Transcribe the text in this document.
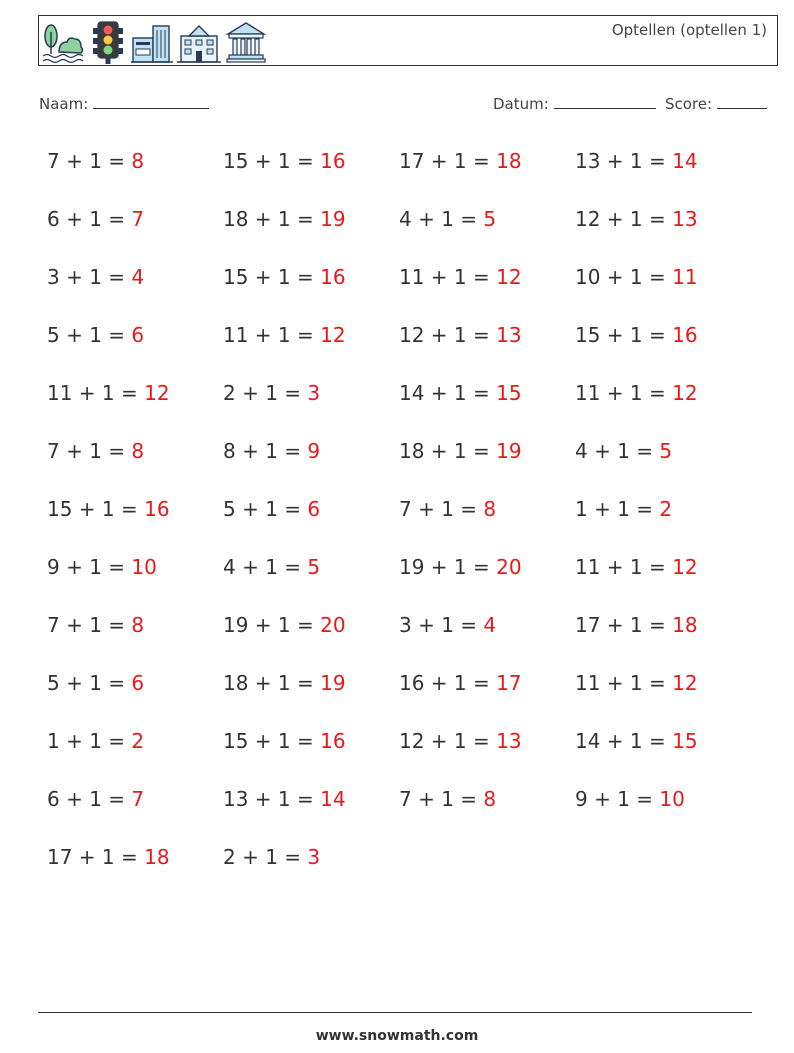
Optellen (optellen 1)
Naam:	Datum:	Score:
7 + 1 = 8	15 + 1 = 16	17 + 1 = 18	13 + 1 = 14
6 + 1 = 7	18 + 1 = 19	4 + 1 = 5	12 + 1 = 13
3 + 1 = 4	15 + 1 = 16	11 + 1 = 12	10 + 1 = 11
5 + 1 = 6	11 + 1 = 12	12 + 1 = 13	15 + 1 = 16
11 + 1 = 12	2 + 1 = 3	14 + 1 = 15	11 + 1 = 12
7 + 1 = 8	8 + 1 = 9	18 + 1 = 19	4 + 1 = 5
15 + 1 = 16	5 + 1 = 6	7 + 1 = 8	1 + 1 = 2
9 + 1 = 10	4 + 1 = 5	19 + 1 = 20	11 + 1 = 12
7 + 1 = 8	19 + 1 = 20	3 + 1 = 4	17 + 1 = 18
5 + 1 = 6	18 + 1 = 19	16 + 1 = 17	11 + 1 = 12
1 + 1 = 2	15 + 1 = 16	12 + 1 = 13	14 + 1 = 15
6 + 1 = 7	13 + 1 = 14	7 + 1 = 8	9 + 1 = 10
17 + 1 = 18	2 + 1 = 3
www.snowmath.com
